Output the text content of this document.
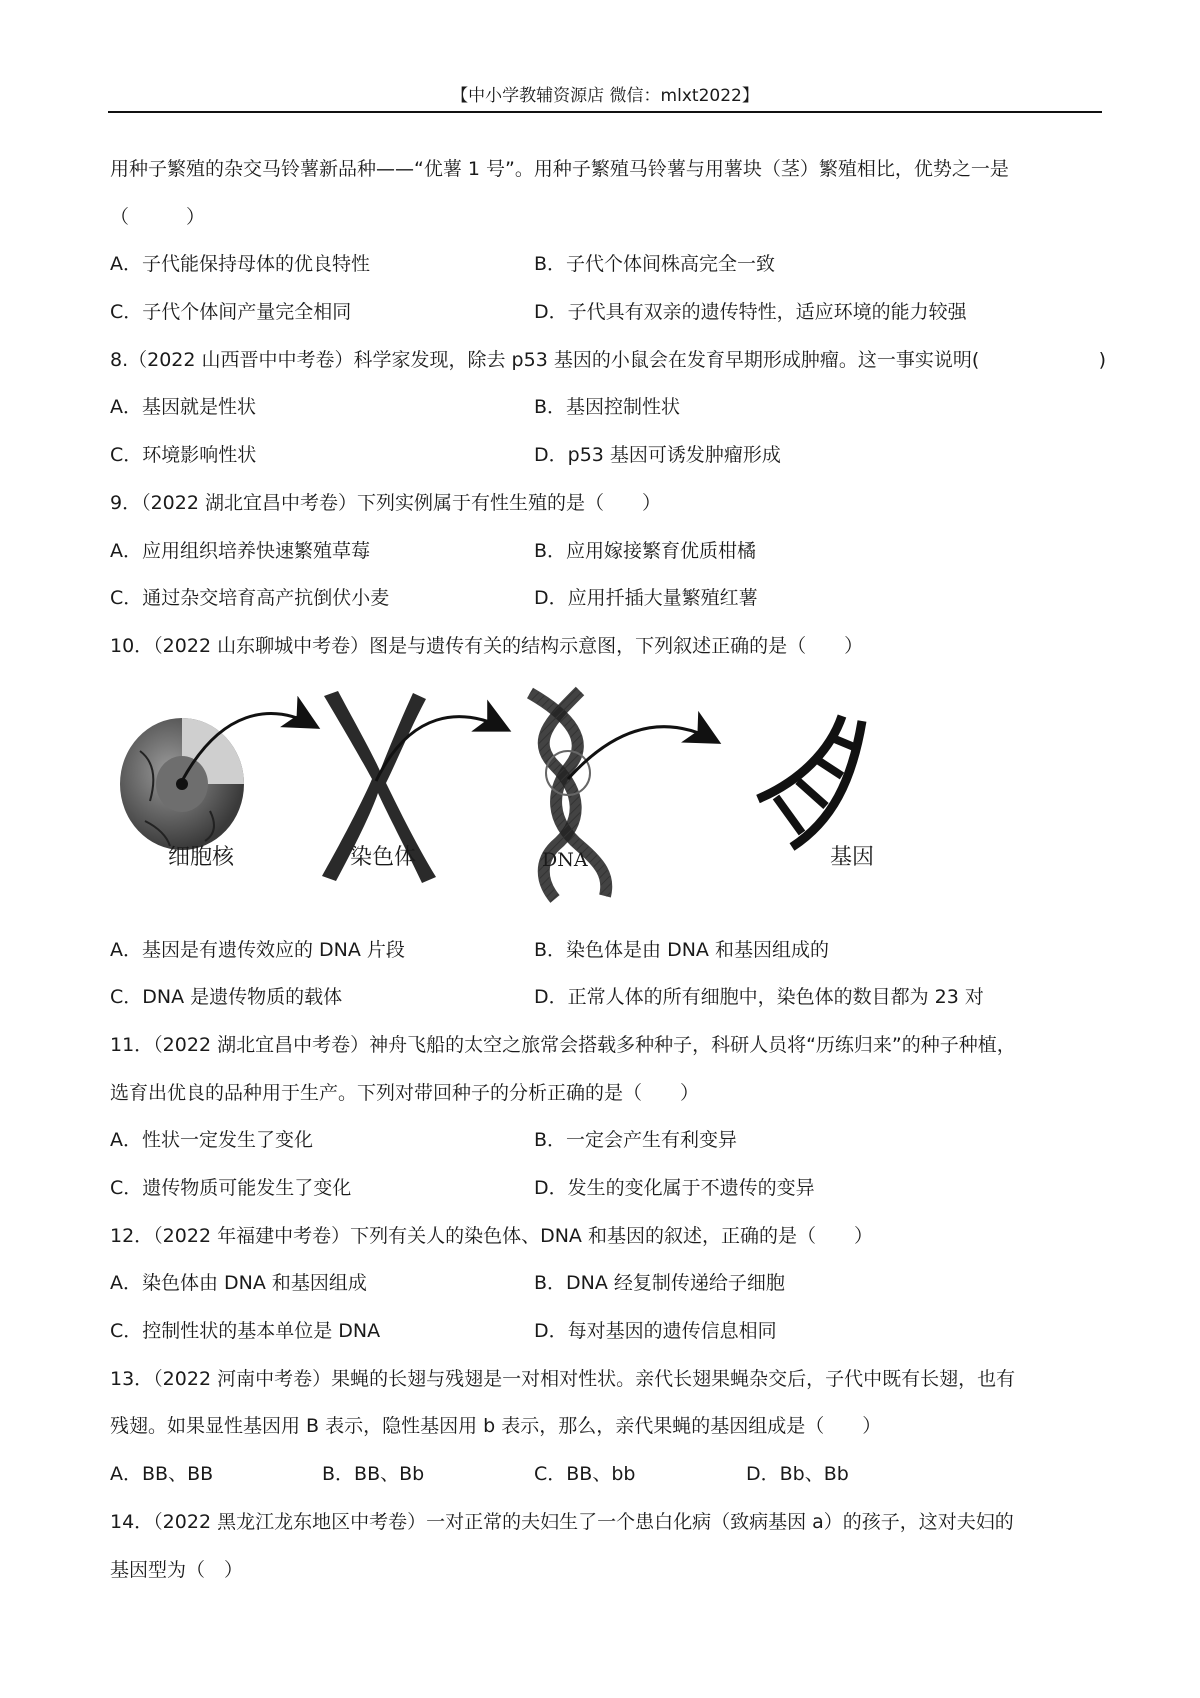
【中小学教辅资源店 微信：mlxt2022】
用种子繁殖的杂交马铃薯新品种——“优薯 1 号”。用种子繁殖马铃薯与用薯块（茎）繁殖相比，优势之一是
（　　　）
A．子代能保持母体的优良特性	B．子代个体间株高完全一致
C．子代个体间产量完全相同	D．子代具有双亲的遗传特性，适应环境的能力较强
8.（2022 山西晋中中考卷）科学家发现，除去 p53 基因的小鼠会在发育早期形成肿瘤。这一事实说明(	)
A．基因就是性状	B．基因控制性状
C．环境影响性状	D．p53 基因可诱发肿瘤形成
9．（2022 湖北宜昌中考卷）下列实例属于有性生殖的是（　　）
A．应用组织培养快速繁殖草莓	B．应用嫁接繁育优质柑橘
C．通过杂交培育高产抗倒伏小麦	D．应用扦插大量繁殖红薯
10．（2022 山东聊城中考卷）图是与遗传有关的结构示意图，下列叙述正确的是（　　）
细胞核	染色体	DNA	基因
A．基因是有遗传效应的 DNA 片段	B．染色体是由 DNA 和基因组成的
C．DNA 是遗传物质的载体	D．正常人体的所有细胞中，染色体的数目都为 23 对
11．（2022 湖北宜昌中考卷）神舟飞船的太空之旅常会搭载多种种子，科研人员将“历练归来”的种子种植，
选育出优良的品种用于生产。下列对带回种子的分析正确的是（　　）
A．性状一定发生了变化	B．一定会产生有利变异
C．遗传物质可能发生了变化	D．发生的变化属于不遗传的变异
12．（2022 年福建中考卷）下列有关人的染色体、DNA 和基因的叙述，正确的是（　　）
A．染色体由 DNA 和基因组成	B．DNA 经复制传递给子细胞
C．控制性状的基本单位是 DNA	D．每对基因的遗传信息相同
13．（2022 河南中考卷）果蝇的长翅与残翅是一对相对性状。亲代长翅果蝇杂交后，子代中既有长翅，也有
残翅。如果显性基因用 B 表示，隐性基因用 b 表示，那么，亲代果蝇的基因组成是（　　）
A．BB、BB	B．BB、Bb	C．BB、bb	D．Bb、Bb
14．（2022 黑龙江龙东地区中考卷）一对正常的夫妇生了一个患白化病（致病基因 a）的孩子，这对夫妇的
基因型为（　）
